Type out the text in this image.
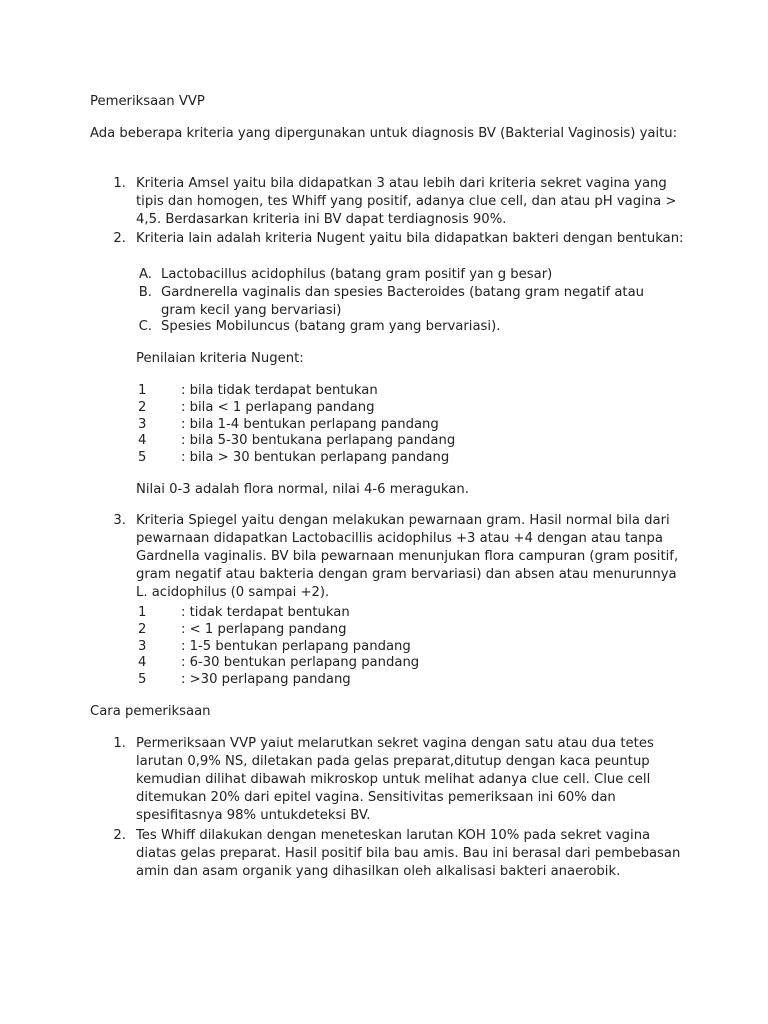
Pemeriksaan VVP
Ada beberapa kriteria yang dipergunakan untuk diagnosis BV (Bakterial Vaginosis) yaitu:
1. Kriteria Amsel yaitu bila didapatkan 3 atau lebih dari kriteria sekret vagina yang tipis dan homogen, tes Whiff yang positif, adanya clue cell, dan atau pH vagina > 4,5. Berdasarkan kriteria ini BV dapat terdiagnosis 90%.
2. Kriteria lain adalah kriteria Nugent yaitu bila didapatkan bakteri dengan bentukan:
A. Lactobacillus acidophilus (batang gram positif yan g besar)
B. Gardnerella vaginalis dan spesies Bacteroides (batang gram negatif atau gram kecil yang bervariasi)
C. Spesies Mobiluncus (batang gram yang bervariasi).
Penilaian kriteria Nugent:
1	: bila tidak terdapat bentukan
2	: bila < 1 perlapang pandang
3	: bila 1-4 bentukan perlapang pandang
4	: bila 5-30 bentukana perlapang pandang
5	: bila > 30 bentukan perlapang pandang
Nilai 0-3 adalah flora normal, nilai 4-6 meragukan.
3. Kriteria Spiegel yaitu dengan melakukan pewarnaan gram. Hasil normal bila dari pewarnaan didapatkan Lactobacillis acidophilus +3 atau +4 dengan atau tanpa Gardnella vaginalis. BV bila pewarnaan menunjukan flora campuran (gram positif, gram negatif atau bakteria dengan gram bervariasi) dan absen atau menurunnya L. acidophilus (0 sampai +2).
1	: tidak terdapat bentukan
2	: < 1 perlapang pandang
3	: 1-5 bentukan perlapang pandang
4	: 6-30 bentukan perlapang pandang
5	: >30 perlapang pandang
Cara pemeriksaan
1. Permeriksaan VVP yaiut melarutkan sekret vagina dengan satu atau dua tetes larutan 0,9% NS, diletakan pada gelas preparat,ditutup dengan kaca peuntup kemudian dilihat dibawah mikroskop untuk melihat adanya clue cell. Clue cell ditemukan 20% dari epitel vagina. Sensitivitas pemeriksaan ini 60% dan spesifitasnya 98% untukdeteksi BV.
2. Tes Whiff dilakukan dengan meneteskan larutan KOH 10% pada sekret vagina diatas gelas preparat. Hasil positif bila bau amis. Bau ini berasal dari pembebasan amin dan asam organik yang dihasilkan oleh alkalisasi bakteri anaerobik.
